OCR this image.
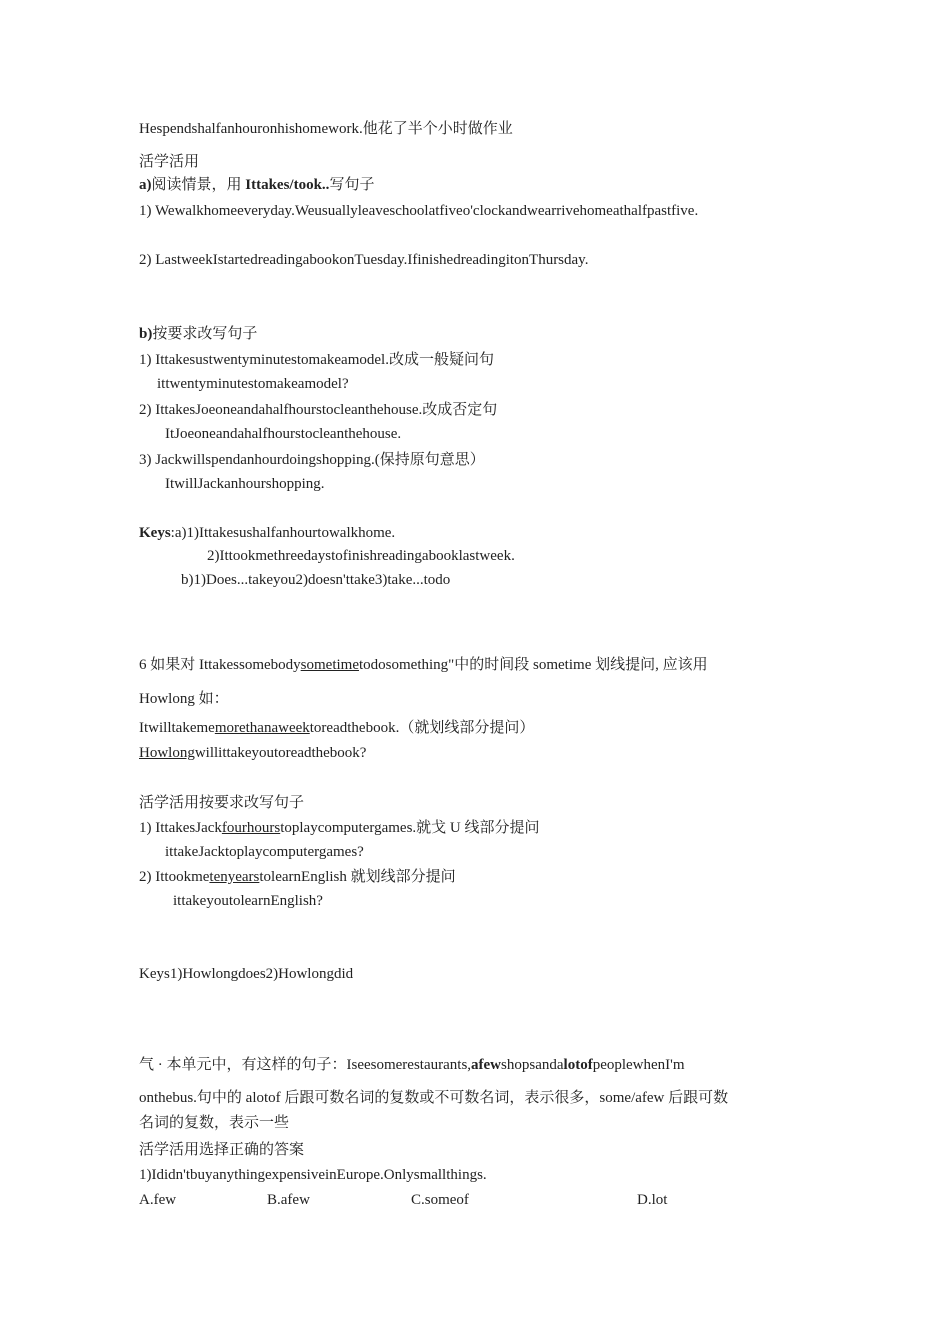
Hespendshalfanhouronhishomework.他花了半个小时做作业
活学活用
a)阅读情景，用 Ittakes/took..写句子
1) Wewalkhomeeveryday.Weusuallyleaveschoolatfiveo'clockandwearrivehomeathalfpastfive.
2) LastweekIstartedreadingabookonTuesday.IfinishedreadingitonThursday.
b)按要求改写句子
1) Ittakesustwentyminutestomakeamodel.改成一般疑问句
ittwentyminutestomakeamodel?
2) IttakesJoeoneandahalfhourstocleanthehouse.改成否定句
ItJoeoneandahalfhourstocleanthehouse.
3) Jackwillspendanhourdoingshopping.(保持原句意思）
ItwillJackanhourshopping.
Keys:a)1)Ittakesushalfanhourtowalkhome.
2)Ittookmethreedaystofinishreadingabooklastweek.
b)1)Does...takeyou2)doesn'ttake3)take...todo
6 如果对 Ittakessomebodysometimetodosomething"中的时间段 sometime 划线提问, 应该用
Howlong 如：
Itwilltakememorethanaweektoreadthebook.（就划线部分提问）
Howlongwillittakeyoutoreadthebook?
活学活用按要求改写句子
1) IttakesJackfourhourstoplaycomputergames.就戈 U 线部分提问
ittakeJacktoplaycomputergames?
2) IttookmetenyearstolearnEnglish 就划线部分提问
ittakeyoutolearnEnglish?
Keys1)Howlongdoes2)Howlongdid
气 · 本单元中，有这样的句子：Iseesomerestaurants,afewshopsandalotofpeoplewhenI'm
onthebus.句中的 alotof 后跟可数名词的复数或不可数名词，表示很多，some/afew 后跟可数
名词的复数，表示一些
活学活用选择正确的答案
1)Ididn'tbuyanythingexpensiveinEurope.Onlysmallthings.
A.few	B.afew	C.someof	D.lot
